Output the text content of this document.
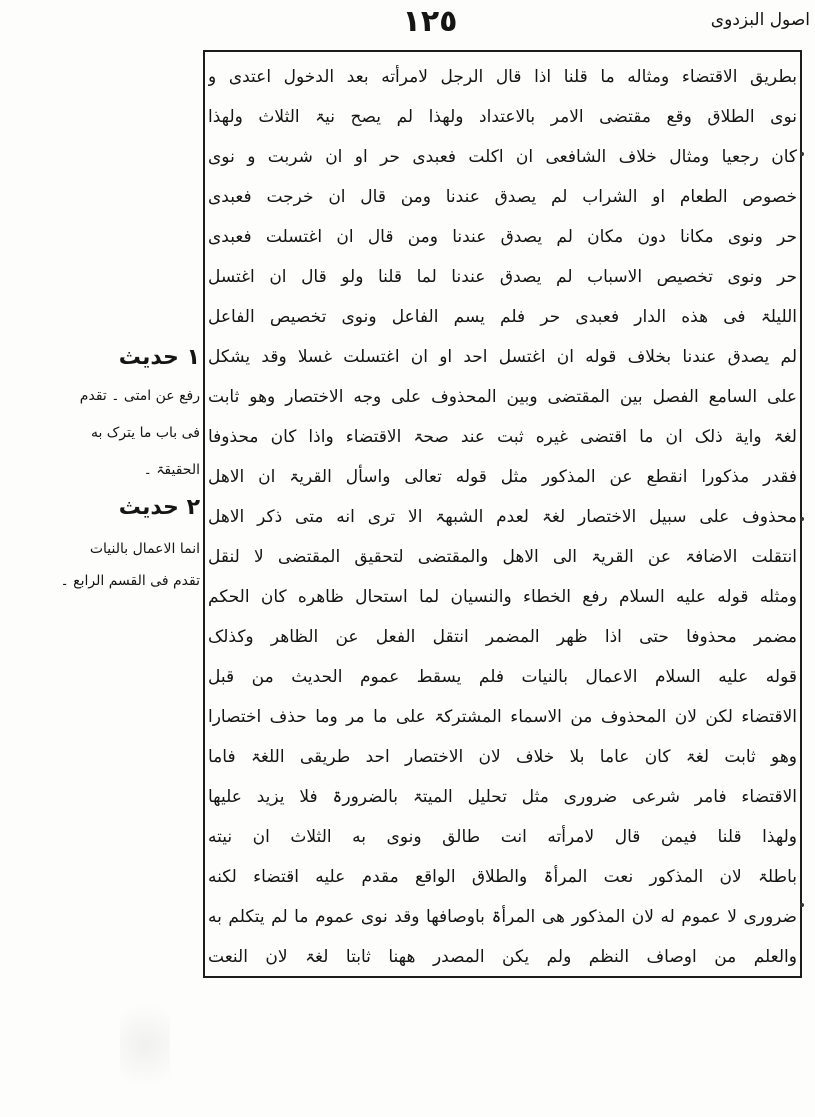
اصول البزدوی
١٢٥
بطریق الاقتضاء ومثاله ما قلنا اذا قال الرجل لامرأته بعد الدخول اعتدی و
نوی الطلاق وقع مقتضی الامر بالاعتداد ولهذا لم یصح نیۃ الثلاث ولهذا
کان رجعیا ومثال خلاف الشافعی ان اکلت فعبدی حر او ان شربت و نوی
خصوص الطعام او الشراب لم یصدق عندنا ومن قال ان خرجت فعبدی
حر ونوی مکانا دون مکان لم یصدق عندنا ومن قال ان اغتسلت فعبدی
حر ونوی تخصیص الاسباب لم یصدق عندنا لما قلنا ولو قال ان اغتسل
اللیلۃ فی هذه الدار فعبدی حر فلم یسم الفاعل ونوی تخصیص الفاعل
لم یصدق عندنا بخلاف قوله ان اغتسل احد او ان اغتسلت غسلا وقد یشکل
علی السامع الفصل بین المقتضی وبین المحذوف علی وجه الاختصار وهو ثابت
لغۃ وایة ذلک ان ما اقتضی غیره ثبت عند صحۃ الاقتضاء واذا کان محذوفا
فقدر مذکورا انقطع عن المذکور مثل قوله تعالی واسأل القریۃ ان الاهل
محذوف علی سبیل الاختصار لغۃ لعدم الشبهۃ الا تری انه متی ذکر الاهل
انتقلت الاضافۃ عن القریۃ الی الاهل والمقتضی لتحقیق المقتضی لا لنقل
ومثله قوله علیه السلام رفع الخطاء والنسیان لما استحال ظاهره کان الحکم
مضمر محذوفا حتی اذا ظهر المضمر انتقل الفعل عن الظاهر وکذلک
قوله علیه السلام الاعمال بالنیات فلم یسقط عموم الحدیث من قبل
الاقتضاء لکن لان المحذوف من الاسماء المشترکۃ علی ما مر وما حذف اختصارا
وهو ثابت لغۃ کان عاما بلا خلاف لان الاختصار احد طریقی اللغۃ فاما
الاقتضاء فامر شرعی ضروری مثل تحلیل المیتۃ بالضرورۃ فلا یزید علیها
ولهذا قلنا فیمن قال لامرأته انت طالق ونوی به الثلاث ان نیته
باطلۃ لان المذکور نعت المرأۃ والطلاق الواقع مقدم علیه اقتضاء لکنه
ضروری لا عموم له لان المذکور هی المرأۃ باوصافها وقد نوی عموم ما لم یتکلم به
والعلم من اوصاف النظم ولم یکن المصدر ههنا ثابتا لغۃ لان النعت
١ حدیث
رفع عن امتی ۔ تقدم
فی باب ما یترک به
الحقیقۃ ۔
٢ حدیث
انما الاعمال بالنیات
تقدم فی القسم الرابع ۔
